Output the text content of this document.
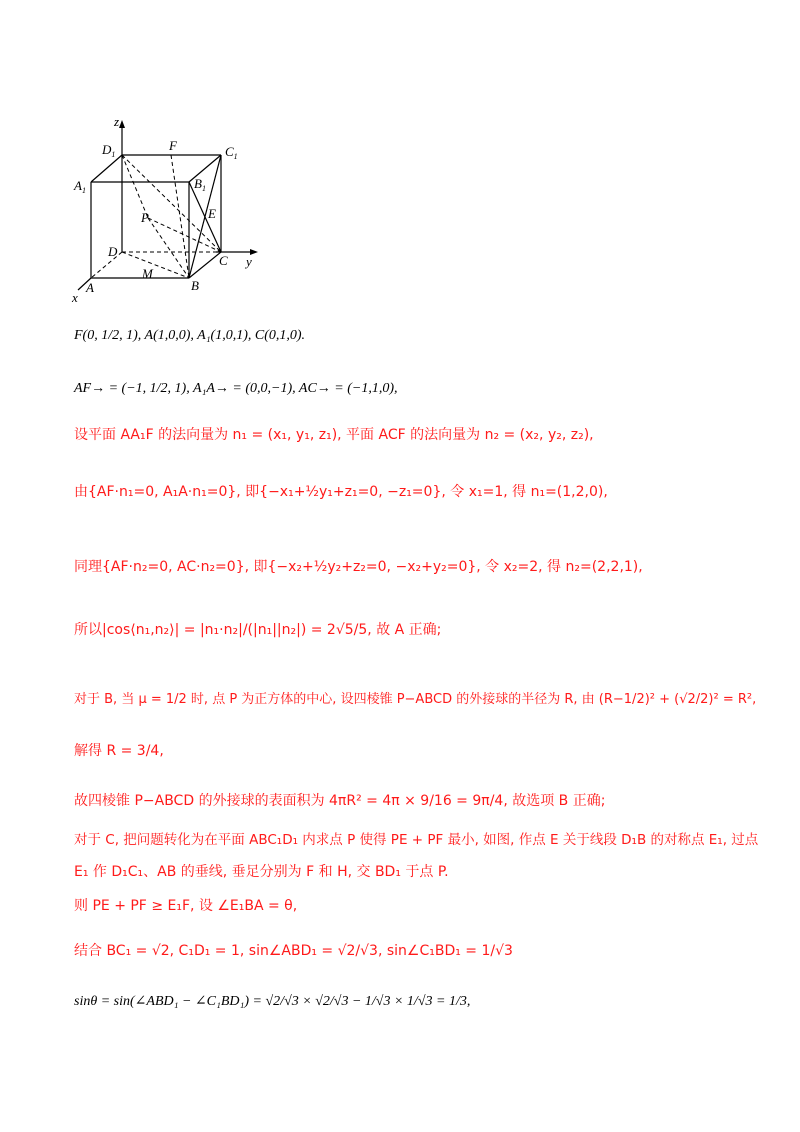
z
y
x
$D_1$	$C_1$
$A_1$	$B_1$
F
P	E
D
C
A	B
M
F(0, 1/2, 1), A(1,0,0), A₁(1,0,1), C(0,1,0).
AF→ = (−1, 1/2, 1), A₁A→ = (0,0,−1), AC→ = (−1,1,0),
设平面 AA₁F 的法向量为 n₁ = (x₁, y₁, z₁), 平面 ACF 的法向量为 n₂ = (x₂, y₂, z₂),
由{AF·n₁=0, A₁A·n₁=0}, 即{−x₁+½y₁+z₁=0, −z₁=0}, 令 x₁=1, 得 n₁=(1,2,0),
同理{AF·n₂=0, AC·n₂=0}, 即{−x₂+½y₂+z₂=0, −x₂+y₂=0}, 令 x₂=2, 得 n₂=(2,2,1),
所以|cos⟨n₁,n₂⟩| = |n₁·n₂|/(|n₁||n₂|) = 2√5/5, 故 A 正确;
对于 B, 当 μ = 1/2 时, 点 P 为正方体的中心, 设四棱锥 P−ABCD 的外接球的半径为 R, 由 (R−1/2)² + (√2/2)² = R²,
解得 R = 3/4,
故四棱锥 P−ABCD 的外接球的表面积为 4πR² = 4π × 9/16 = 9π/4, 故选项 B 正确;
对于 C, 把问题转化为在平面 ABC₁D₁ 内求点 P 使得 PE + PF 最小, 如图, 作点 E 关于线段 D₁B 的对称点 E₁, 过点
E₁ 作 D₁C₁、AB 的垂线, 垂足分别为 F 和 H, 交 BD₁ 于点 P.
则 PE + PF ≥ E₁F, 设 ∠E₁BA = θ,
结合 BC₁ = √2, C₁D₁ = 1, sin∠ABD₁ = √2/√3, sin∠C₁BD₁ = 1/√3
sinθ = sin(∠ABD₁ − ∠C₁BD₁) = √2/√3 × √2/√3 − 1/√3 × 1/√3 = 1/3,
